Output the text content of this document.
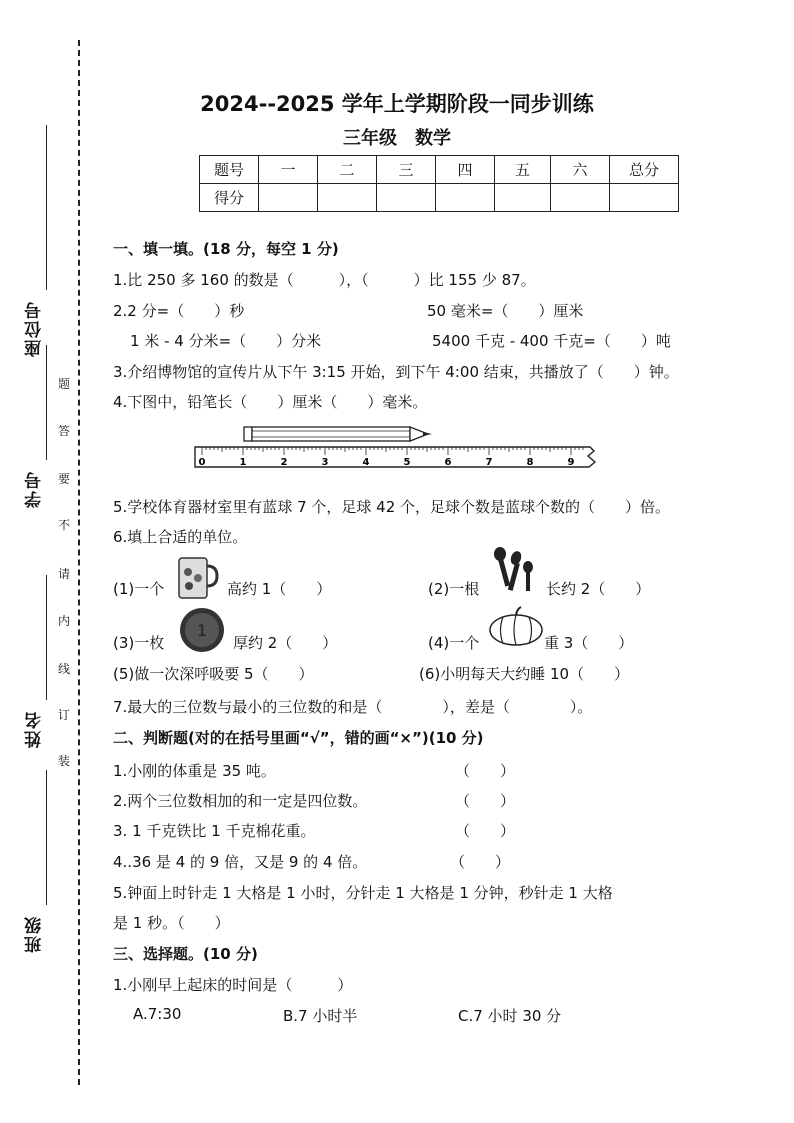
座位号
学号
姓名
班级
题
答
要
不
请
内
线
订
装
2024--2025 学年上学期阶段一同步训练
三年级　数学
题号	一	二	三	四	五	六	总分
得分							
一、填一填。(18 分，每空 1 分)
1.比 250 多 160 的数是（　　　），（　　　）比 155 少 87。
2.2 分=（　　）秒	50 毫米=（　　）厘米
1 米 - 4 分米=（　　）分米	5400 千克 - 400 千克=（　　）吨
3.介绍博物馆的宣传片从下午 3:15 开始，到下午 4:00 结束，共播放了（　　）钟。
4.下图中，铅笔长（　　）厘米（　　）毫米。
0	1	2	3	4	5	6	7	8	9
5.学校体育器材室里有蓝球 7 个，足球 42 个，足球个数是蓝球个数的（　　）倍。
6.填上合适的单位。
(1)一个	高约 1（　　）	(2)一根	长约 2（　　）
(3)一枚
1
厚约 2（　　）	(4)一个	重 3（　　）
(5)做一次深呼吸要 5（　　）	(6)小明每天大约睡 10（　　）
7.最大的三位数与最小的三位数的和是（　　　　），差是（　　　　）。
二、判断题(对的在括号里画“√”，错的画“×”)(10 分)
1.小刚的体重是 35 吨。	（　　）
2.两个三位数相加的和一定是四位数。	（　　）
3. 1 千克铁比 1 千克棉花重。	（　　）
4..36 是 4 的 9 倍，又是 9 的 4 倍。	（　　）
5.钟面上时针走 1 大格是 1 小时，分针走 1 大格是 1 分钟，秒针走 1 大格
是 1 秒。（　　）
三、选择题。(10 分)
1.小刚早上起床的时间是（　　　）
A.7:30	B.7 小时半	C.7 小时 30 分
